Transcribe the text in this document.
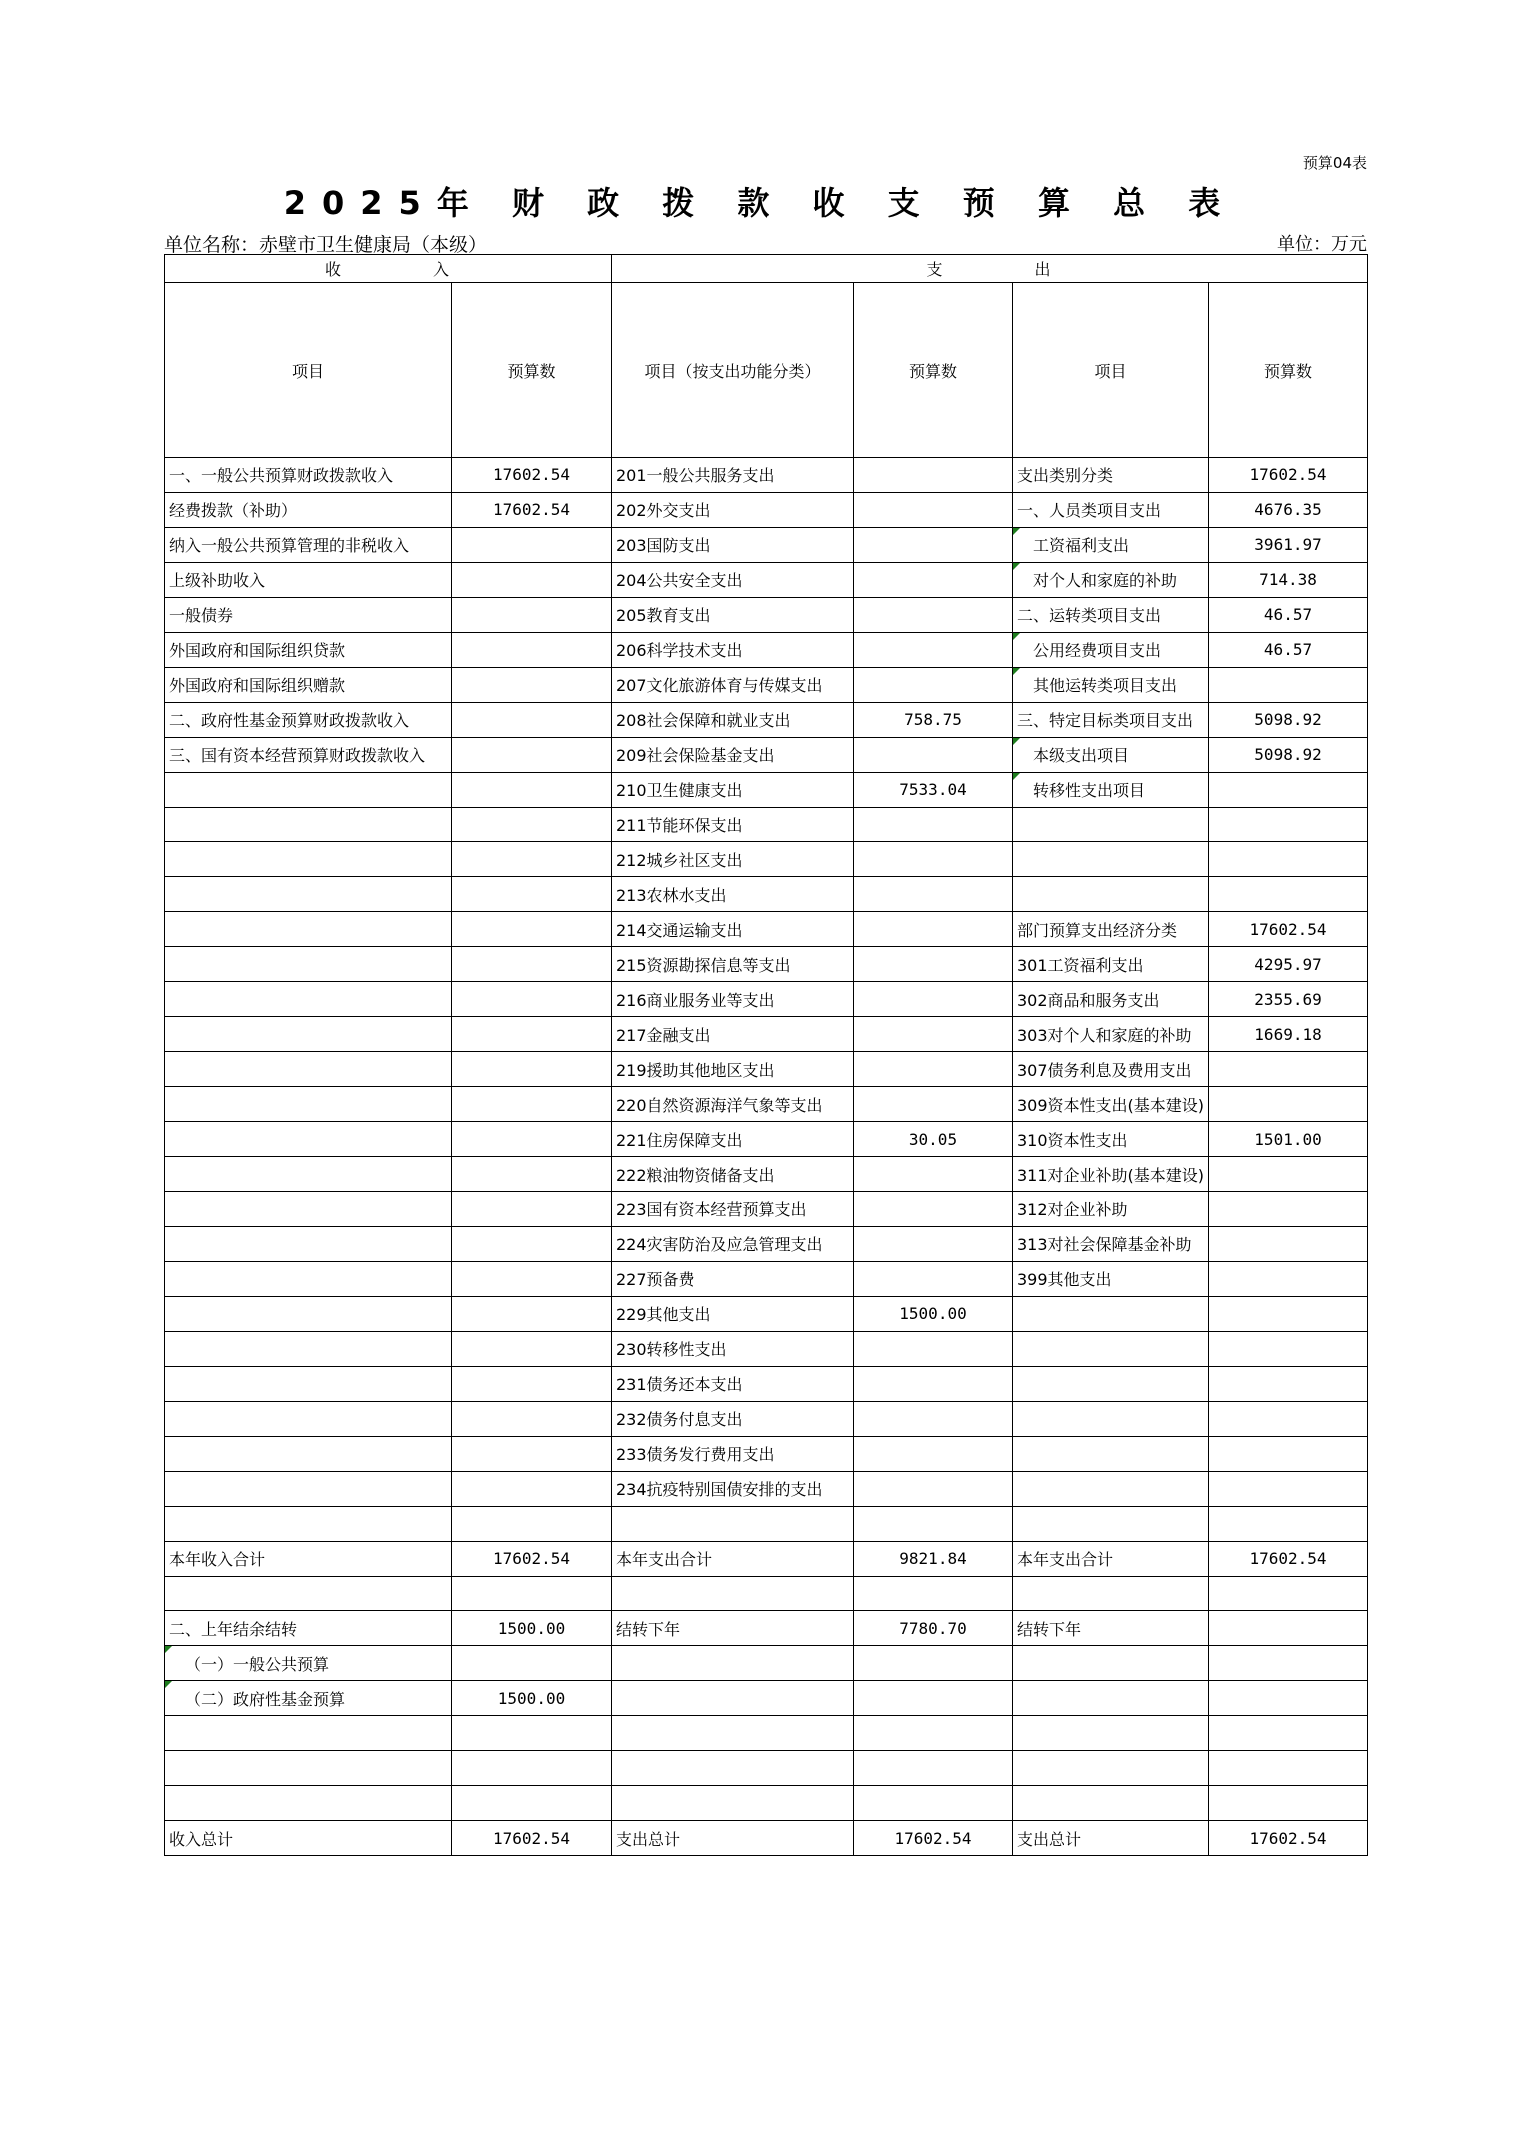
预算04表
2025年 财 政 拨 款 收 支 预 算 总 表
单位名称：赤壁市卫生健康局（本级）	单位：万元
收 入		支 出			
项目	预算数	项目（按支出功能分类）	预算数	项目	预算数
一、一般公共预算财政拨款收入	17602.54	201一般公共服务支出		支出类别分类	17602.54
经费拨款（补助）	17602.54	202外交支出		一、人员类项目支出	4676.35
纳入一般公共预算管理的非税收入		203国防支出		工资福利支出	3961.97
上级补助收入		204公共安全支出		对个人和家庭的补助	714.38
一般债券		205教育支出		二、运转类项目支出	46.57
外国政府和国际组织贷款		206科学技术支出		公用经费项目支出	46.57
外国政府和国际组织赠款		207文化旅游体育与传媒支出		其他运转类项目支出	
二、政府性基金预算财政拨款收入		208社会保障和就业支出	758.75	三、特定目标类项目支出	5098.92
三、国有资本经营预算财政拨款收入		209社会保险基金支出		本级支出项目	5098.92
		210卫生健康支出	7533.04	转移性支出项目	
		211节能环保支出			
		212城乡社区支出			
		213农林水支出			
		214交通运输支出		部门预算支出经济分类	17602.54
		215资源勘探信息等支出		301工资福利支出	4295.97
		216商业服务业等支出		302商品和服务支出	2355.69
		217金融支出		303对个人和家庭的补助	1669.18
		219援助其他地区支出		307债务利息及费用支出	
		220自然资源海洋气象等支出		309资本性支出(基本建设)	
		221住房保障支出	30.05	310资本性支出	1501.00
		222粮油物资储备支出		311对企业补助(基本建设)	
		223国有资本经营预算支出		312对企业补助	
		224灾害防治及应急管理支出		313对社会保障基金补助	
		227预备费		399其他支出	
		229其他支出	1500.00		
		230转移性支出			
		231债务还本支出			
		232债务付息支出			
		233债务发行费用支出			
		234抗疫特别国债安排的支出			

本年收入合计	17602.54	本年支出合计	9821.84	本年支出合计	17602.54

二、上年结余结转	1500.00	结转下年	7780.70	结转下年	
（一）一般公共预算					
（二）政府性基金预算	1500.00				

收入总计	17602.54	支出总计	17602.54	支出总计	17602.54
